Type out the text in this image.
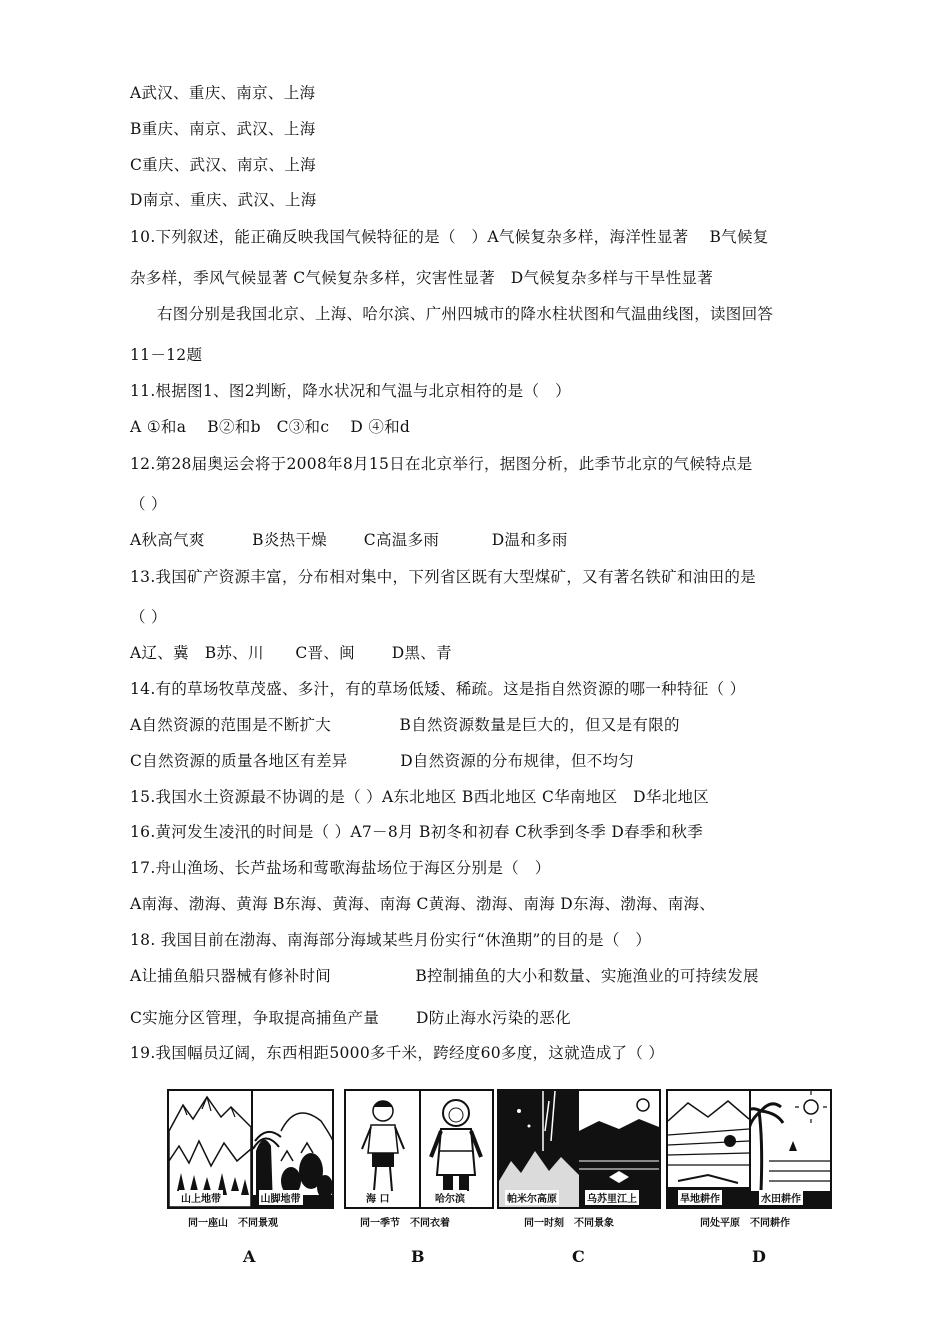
A武汉、重庆、南京、上海
B重庆、南京、武汉、上海
C重庆、武汉、南京、上海
D南京、重庆、武汉、上海
10.下列叙述，能正确反映我国气候特征的是（　）A气候复杂多样，海洋性显著　 B气候复
杂多样，季风气候显著 C气候复杂多样，灾害性显著　D气候复杂多样与干旱性显著
右图分别是我国北京、上海、哈尔滨、广州四城市的降水柱状图和气温曲线图，读图回答
11－12题
11.根据图1、图2判断，降水状况和气温与北京相符的是（　）
A ①和a　 B②和b　C③和c　 D ④和d
12.第28届奥运会将于2008年8月15日在北京举行，据图分析，此季节北京的气候特点是
（ ）
A秋高气爽　　　B炎热干燥　　 C高温多雨　　　 D温和多雨
13.我国矿产资源丰富，分布相对集中，下列省区既有大型煤矿，又有著名铁矿和油田的是
（ ）
A辽、冀　B苏、川　　C晋、闽　　 D黑、青
14.有的草场牧草茂盛、多汁，有的草场低矮、稀疏。这是指自然资源的哪一种特征（ ）
A自然资源的范围是不断扩大　　　　 B自然资源数量是巨大的，但又是有限的
C自然资源的质量各地区有差异　　　 D自然资源的分布规律，但不均匀
15.我国水土资源最不协调的是（ ）A东北地区 B西北地区 C华南地区　D华北地区
16.黄河发生凌汛的时间是（ ）A7－8月 B初冬和初春 C秋季到冬季 D春季和秋季
17.舟山渔场、长芦盐场和莺歌海盐场位于海区分别是（　）
A南海、渤海、黄海 B东海、黄海、南海 C黄海、渤海、南海 D东海、渤海、南海、
18. 我国目前在渤海、南海部分海域某些月份实行“休渔期”的目的是（　）
A让捕鱼船只器械有修补时间　　　　　 B控制捕鱼的大小和数量、实施渔业的可持续发展
C实施分区管理，争取提高捕鱼产量　　 D防止海水污染的恶化
19.我国幅员辽阔，东西相距5000多千米，跨经度60多度，这就造成了（ ）
山上地带	山脚地带
同一座山　不同景观
A
海 口	哈尔滨
同一季节　不同衣着
B
帕米尔高原	乌苏里江上
同一时刻　不同景象
C
旱地耕作	水田耕作
同处平原　不同耕作
D
